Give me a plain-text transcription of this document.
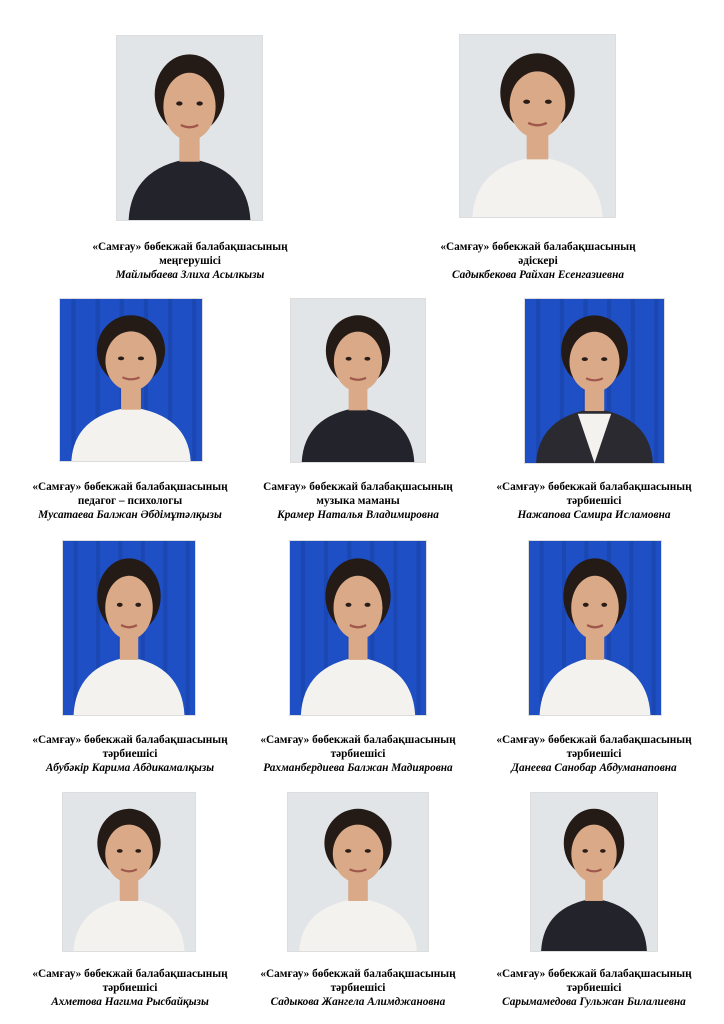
«Самғау» бөбекжай балабақшасының
меңгерушісі
Майлыбаева Злиха Асылкызы
«Самғау» бөбекжай балабақшасының
әдіскері
Садыкбекова Райхан Есенгазиевна
«Самғау» бөбекжай балабақшасының
педагог – психологы
Мусатаева Балжан Әбдімұтәлқызы
Самғау» бөбекжай балабақшасының
музыка маманы
Крамер Наталья Владимировна
«Самғау» бөбекжай балабақшасының
тәрбиешісі
Нажапова Самира Исламовна
«Самғау» бөбекжай балабақшасының
тәрбиешісі
Абубәкір Карима Абдикамалқызы
«Самғау» бөбекжай балабақшасының
тәрбиешісі
Рахманбердиева Балжан Мадияровна
«Самғау» бөбекжай балабақшасының
тәрбиешісі
Данеева Санобар Абдуманаповна
«Самғау» бөбекжай балабақшасының
тәрбиешісі
Ахметова Нагима Рысбайқызы
«Самғау» бөбекжай балабақшасының
тәрбиешісі
Садыкова Жангела Алимджановна
«Самғау» бөбекжай балабақшасының
тәрбиешісі
Сарымамедова Гульжан Билалиевна
